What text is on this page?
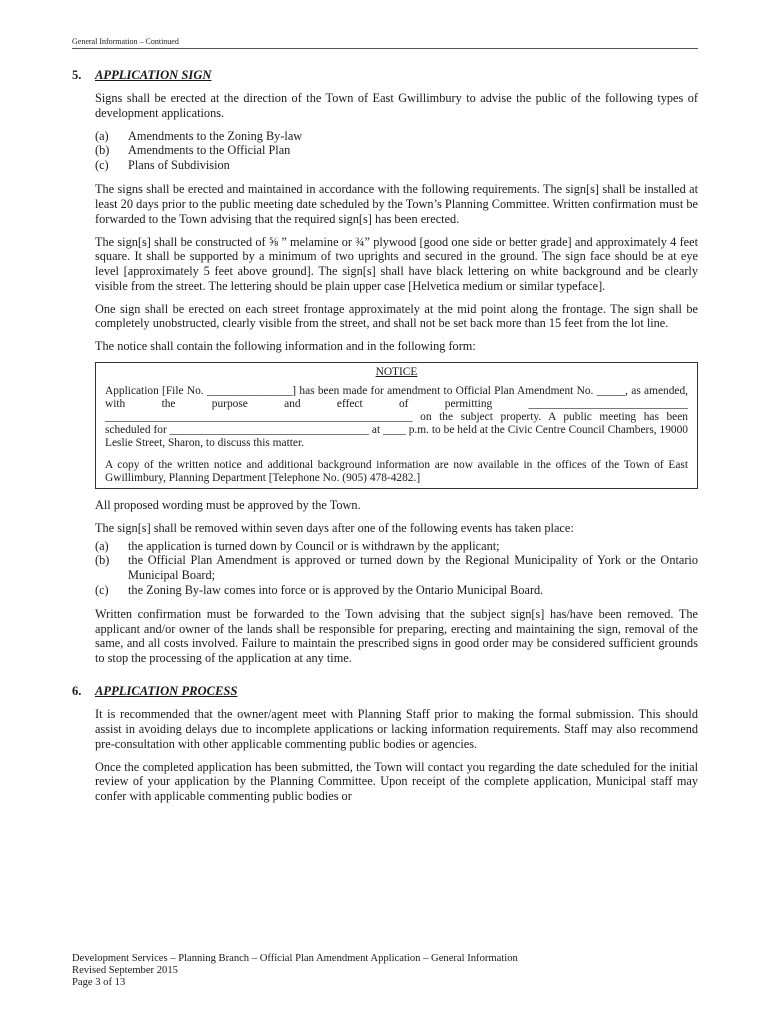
General Information – Continued
5.	APPLICATION SIGN

Signs shall be erected at the direction of the Town of East Gwillimbury to advise the public of the following types of development applications.

(a)	Amendments to the Zoning By-law
(b)	Amendments to the Official Plan
(c)	Plans of Subdivision

The signs shall be erected and maintained in accordance with the following requirements. The sign[s] shall be installed at least 20 days prior to the public meeting date scheduled by the Town’s Planning Committee. Written confirmation must be forwarded to the Town advising that the required sign[s] has been erected.

The sign[s] shall be constructed of ⅝ ” melamine or ¾” plywood [good one side or better grade] and approximately 4 feet square. It shall be supported by a minimum of two uprights and secured in the ground. The sign face should be at eye level [approximately 5 feet above ground]. The sign[s] shall have black lettering on white background and be clearly visible from the street. The lettering should be plain upper case [Helvetica medium or similar typeface].

One sign shall be erected on each street frontage approximately at the mid point along the frontage. The sign shall be completely unobstructed, clearly visible from the street, and shall not be set back more than 15 feet from the lot line.

The notice shall contain the following information and in the following form:

NOTICE

Application [File No. _______________] has been made for amendment to Official Plan Amendment No. _____, as amended, with the purpose and effect of permitting ____________________________ ______________________________________________________ on the subject property. A public meeting has been scheduled for ___________________________________ at ____ p.m. to be held at the Civic Centre Council Chambers, 19000 Leslie Street, Sharon, to discuss this matter.

A copy of the written notice and additional background information are now available in the offices of the Town of East Gwillimbury, Planning Department [Telephone No. (905) 478-4282.]

All proposed wording must be approved by the Town.

The sign[s] shall be removed within seven days after one of the following events has taken place:

(a)	the application is turned down by Council or is withdrawn by the applicant;
(b)	the Official Plan Amendment is approved or turned down by the Regional Municipality of York or the Ontario Municipal Board;
(c)	the Zoning By-law comes into force or is approved by the Ontario Municipal Board.

Written confirmation must be forwarded to the Town advising that the subject sign[s] has/have been removed. The applicant and/or owner of the lands shall be responsible for preparing, erecting and maintaining the sign, removal of the same, and all costs involved. Failure to maintain the prescribed signs in good order may be considered sufficient grounds to stop the processing of the application at any time.

6.	APPLICATION PROCESS

It is recommended that the owner/agent meet with Planning Staff prior to making the formal submission. This should assist in avoiding delays due to incomplete applications or lacking information requirements. Staff may also recommend pre-consultation with other applicable commenting public bodies or agencies.

Once the completed application has been submitted, the Town will contact you regarding the date scheduled for the initial review of your application by the Planning Committee. Upon receipt of the complete application, Municipal staff may confer with applicable commenting public bodies or

Development Services – Planning Branch – Official Plan Amendment Application – General Information
Revised September 2015
Page 3 of 13
